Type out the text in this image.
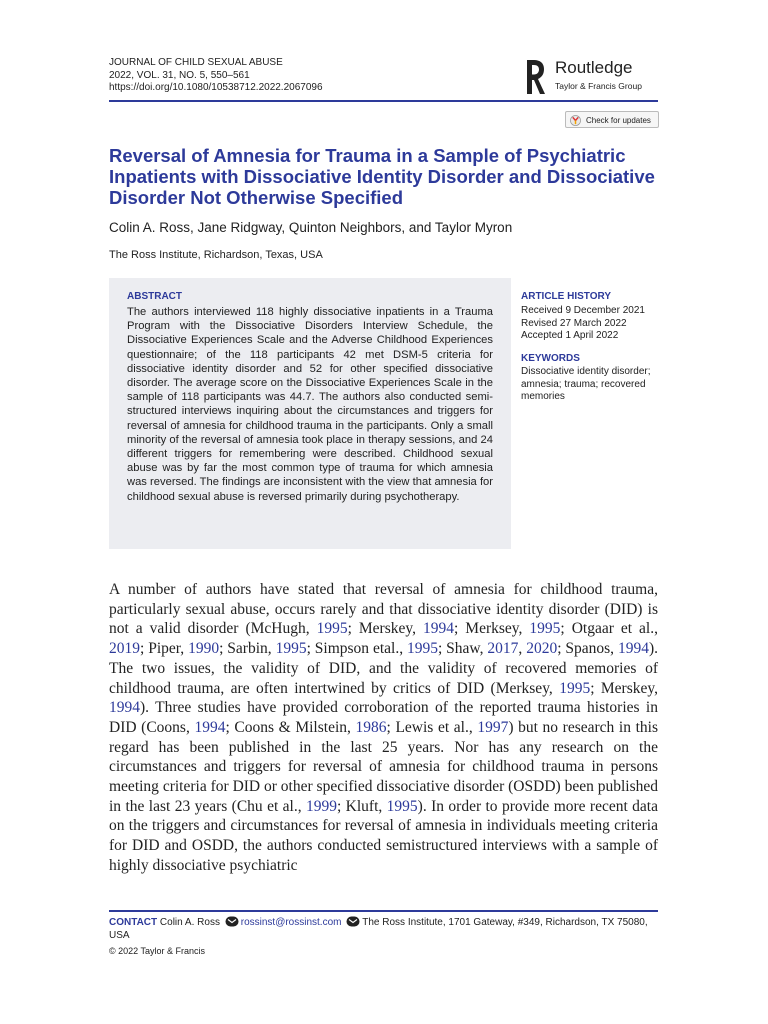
JOURNAL OF CHILD SEXUAL ABUSE
2022, VOL. 31, NO. 5, 550–561
https://doi.org/10.1080/10538712.2022.2067096
Routledge
Taylor & Francis Group
Check for updates
Reversal of Amnesia for Trauma in a Sample of Psychiatric Inpatients with Dissociative Identity Disorder and Dissociative Disorder Not Otherwise Specified
Colin A. Ross, Jane Ridgway, Quinton Neighbors, and Taylor Myron
The Ross Institute, Richardson, Texas, USA
ABSTRACT
The authors interviewed 118 highly dissociative inpatients in a Trauma Program with the Dissociative Disorders Interview Schedule, the Dissociative Experiences Scale and the Adverse Childhood Experiences questionnaire; of the 118 participants 42 met DSM-5 criteria for dissociative identity disorder and 52 for other specified dissociative disorder. The average score on the Dissociative Experiences Scale in the sample of 118 participants was 44.7. The authors also conducted semi-structured interviews inquiring about the circumstances and triggers for reversal of amnesia for childhood trauma in the participants. Only a small minority of the reversal of amnesia took place in therapy sessions, and 24 different triggers for remembering were described. Childhood sexual abuse was by far the most common type of trauma for which amnesia was reversed. The findings are inconsistent with the view that amnesia for childhood sexual abuse is reversed primarily during psychotherapy.
ARTICLE HISTORY
Received 9 December 2021
Revised 27 March 2022
Accepted 1 April 2022
KEYWORDS
Dissociative identity disorder; amnesia; trauma; recovered memories
A number of authors have stated that reversal of amnesia for childhood trauma, particularly sexual abuse, occurs rarely and that dissociative identity disorder (DID) is not a valid disorder (McHugh, 1995; Merskey, 1994; Merksey, 1995; Otgaar et al., 2019; Piper, 1990; Sarbin, 1995; Simpson etal., 1995; Shaw, 2017, 2020; Spanos, 1994). The two issues, the validity of DID, and the validity of recovered memories of childhood trauma, are often intertwined by critics of DID (Merksey, 1995; Merskey, 1994). Three studies have provided corroboration of the reported trauma histories in DID (Coons, 1994; Coons & Milstein, 1986; Lewis et al., 1997) but no research in this regard has been published in the last 25 years. Nor has any research on the circumstances and triggers for reversal of amnesia for childhood trauma in persons meeting criteria for DID or other specified dissociative disorder (OSDD) been published in the last 23 years (Chu et al., 1999; Kluft, 1995). In order to provide more recent data on the triggers and circumstances for reversal of amnesia in individuals meeting criteria for DID and OSDD, the authors conducted semistructured interviews with a sample of highly dissociative psychiatric
CONTACT Colin A. Ross rossinst@rossinst.com The Ross Institute, 1701 Gateway, #349, Richardson, TX 75080, USA
© 2022 Taylor & Francis
